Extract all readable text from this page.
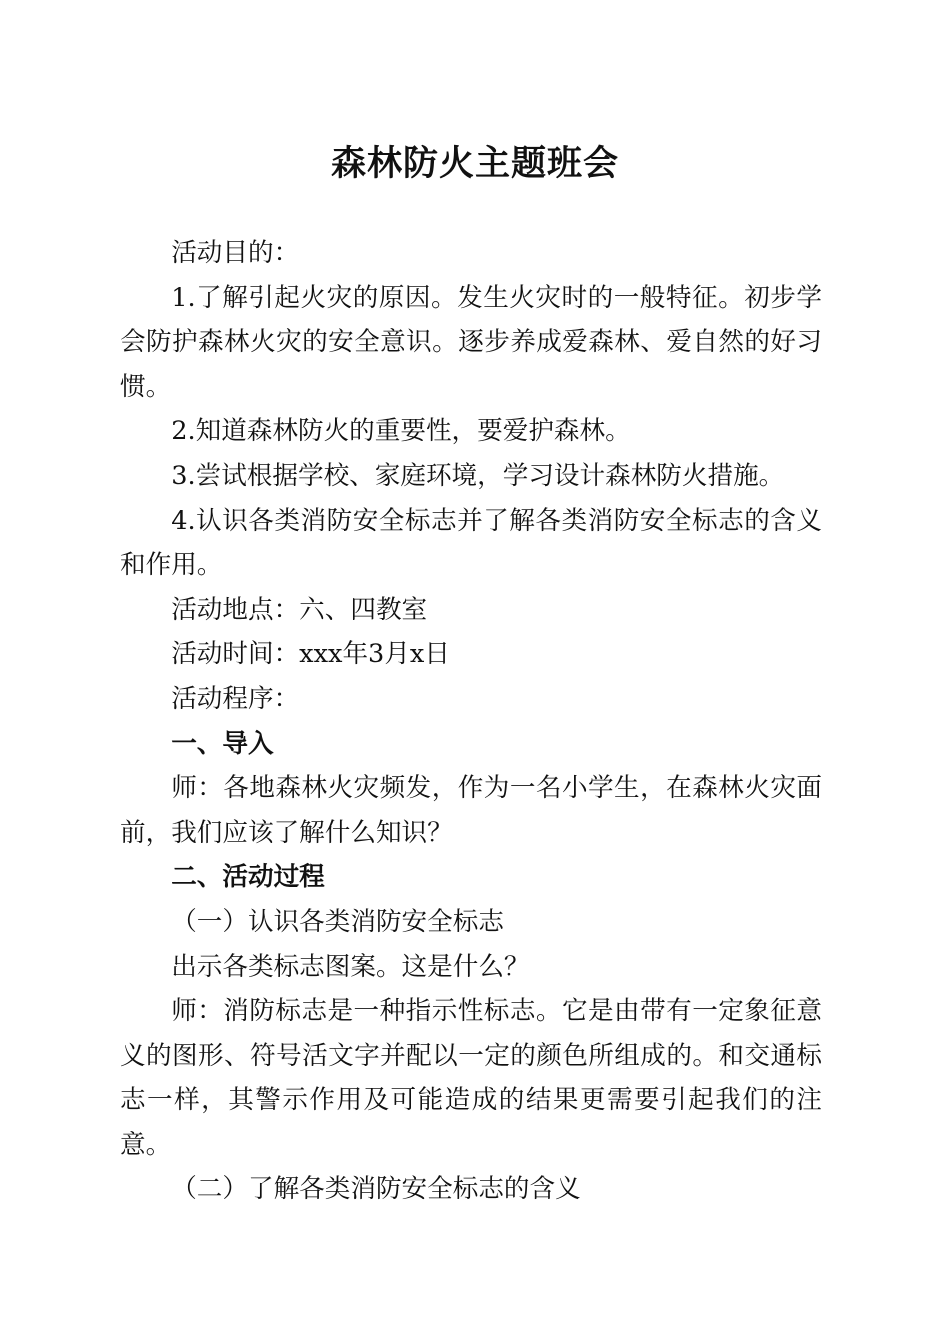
森林防火主题班会

活动目的：

1.了解引起火灾的原因。发生火灾时的一般特征。初步学会防护森林火灾的安全意识。逐步养成爱森林、爱自然的好习惯。

2.知道森林防火的重要性，要爱护森林。

3.尝试根据学校、家庭环境，学习设计森林防火措施。

4.认识各类消防安全标志并了解各类消防安全标志的含义和作用。

活动地点：六、四教室

活动时间：xxx年3月x日

活动程序：

一、导入

师：各地森林火灾频发，作为一名小学生，在森林火灾面前，我们应该了解什么知识？

二、活动过程

（一）认识各类消防安全标志

出示各类标志图案。这是什么？

师：消防标志是一种指示性标志。它是由带有一定象征意义的图形、符号活文字并配以一定的颜色所组成的。和交通标志一样，其警示作用及可能造成的结果更需要引起我们的注意。

（二）了解各类消防安全标志的含义
